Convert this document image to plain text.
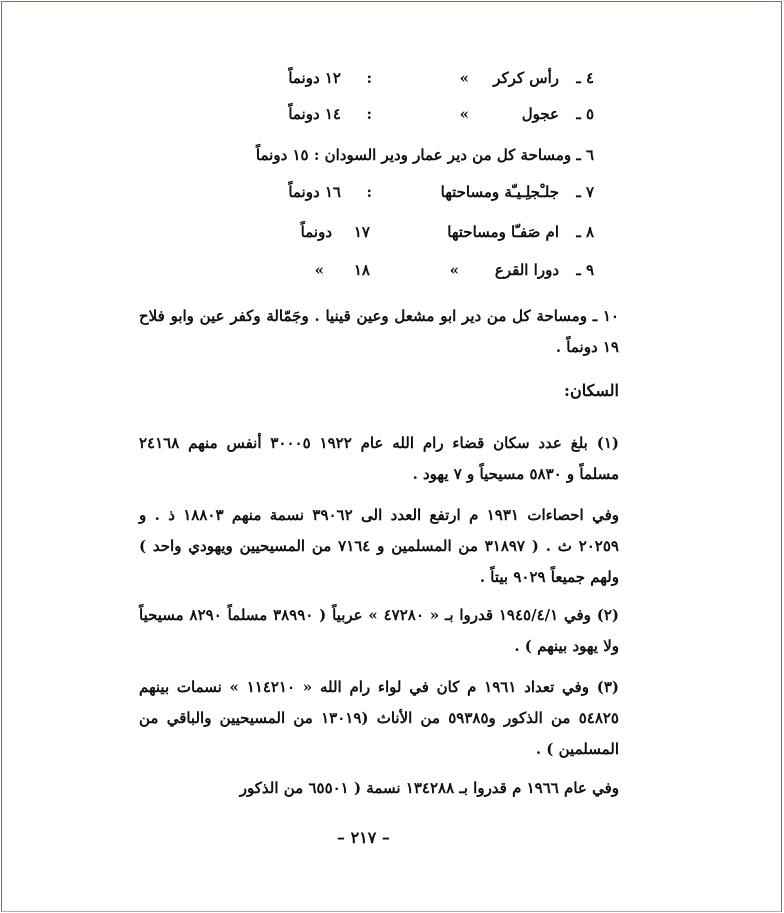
٤ ـ
رأس كركر
»
:
١٢ دونماً
٥ ـ
عجول
»
:
١٤ دونماً
٦ ـ ومساحة كل من دير عمار ودير السودان : ١٥ دونماً
٧ ـ
جلـْجلِـيـّة ومساحتها
:
١٦ دونماً
٨ ـ
ام صَفـّا ومساحتها
١٧
دونماً
٩ ـ
دورا القرع
»
١٨
»
١٠ ـ ومساحة كل من دير ابو مشعل وعين قينيا . وجَمّالة وكفر عين وابو فلاح ١٩ دونماً .
السكان:
(١) بلغ عدد سكان قضاء رام الله عام ١٩٢٢ ٣٠٠٠٥ أنفس منهم ٢٤١٦٨ مسلماً و ٥٨٣٠ مسيحياً و ٧ يهود .
وفي احصاءات ١٩٣١ م ارتفع العدد الى ٣٩٠٦٢ نسمة منهم ١٨٨٠٣ ذ . و ٢٠٢٥٩ ث . ( ٣١٨٩٧ من المسلمين و ٧١٦٤ من المسيحيين ويهودي واحد ) ولهم جميعاً ٩٠٢٩ بيتاً .
(٢) وفي ١٩٤٥/٤/١ قدروا بـ « ٤٧٢٨٠ » عربياً ( ٣٨٩٩٠ مسلماً ٨٢٩٠ مسيحياً ولا يهود بينهم ) .
(٣) وفي تعداد ١٩٦١ م كان في لواء رام الله « ١١٤٢١٠ » نسمات بينهم ٥٤٨٢٥ من الذكور و٥٩٣٨٥ من الأناث (١٣٠١٩ من المسيحيين والباقي من المسلمين ) .
وفي عام ١٩٦٦ م قدروا بـ ١٣٤٢٨٨ نسمة ( ٦٥٥٠١ من الذكور
– ٢١٧ –
